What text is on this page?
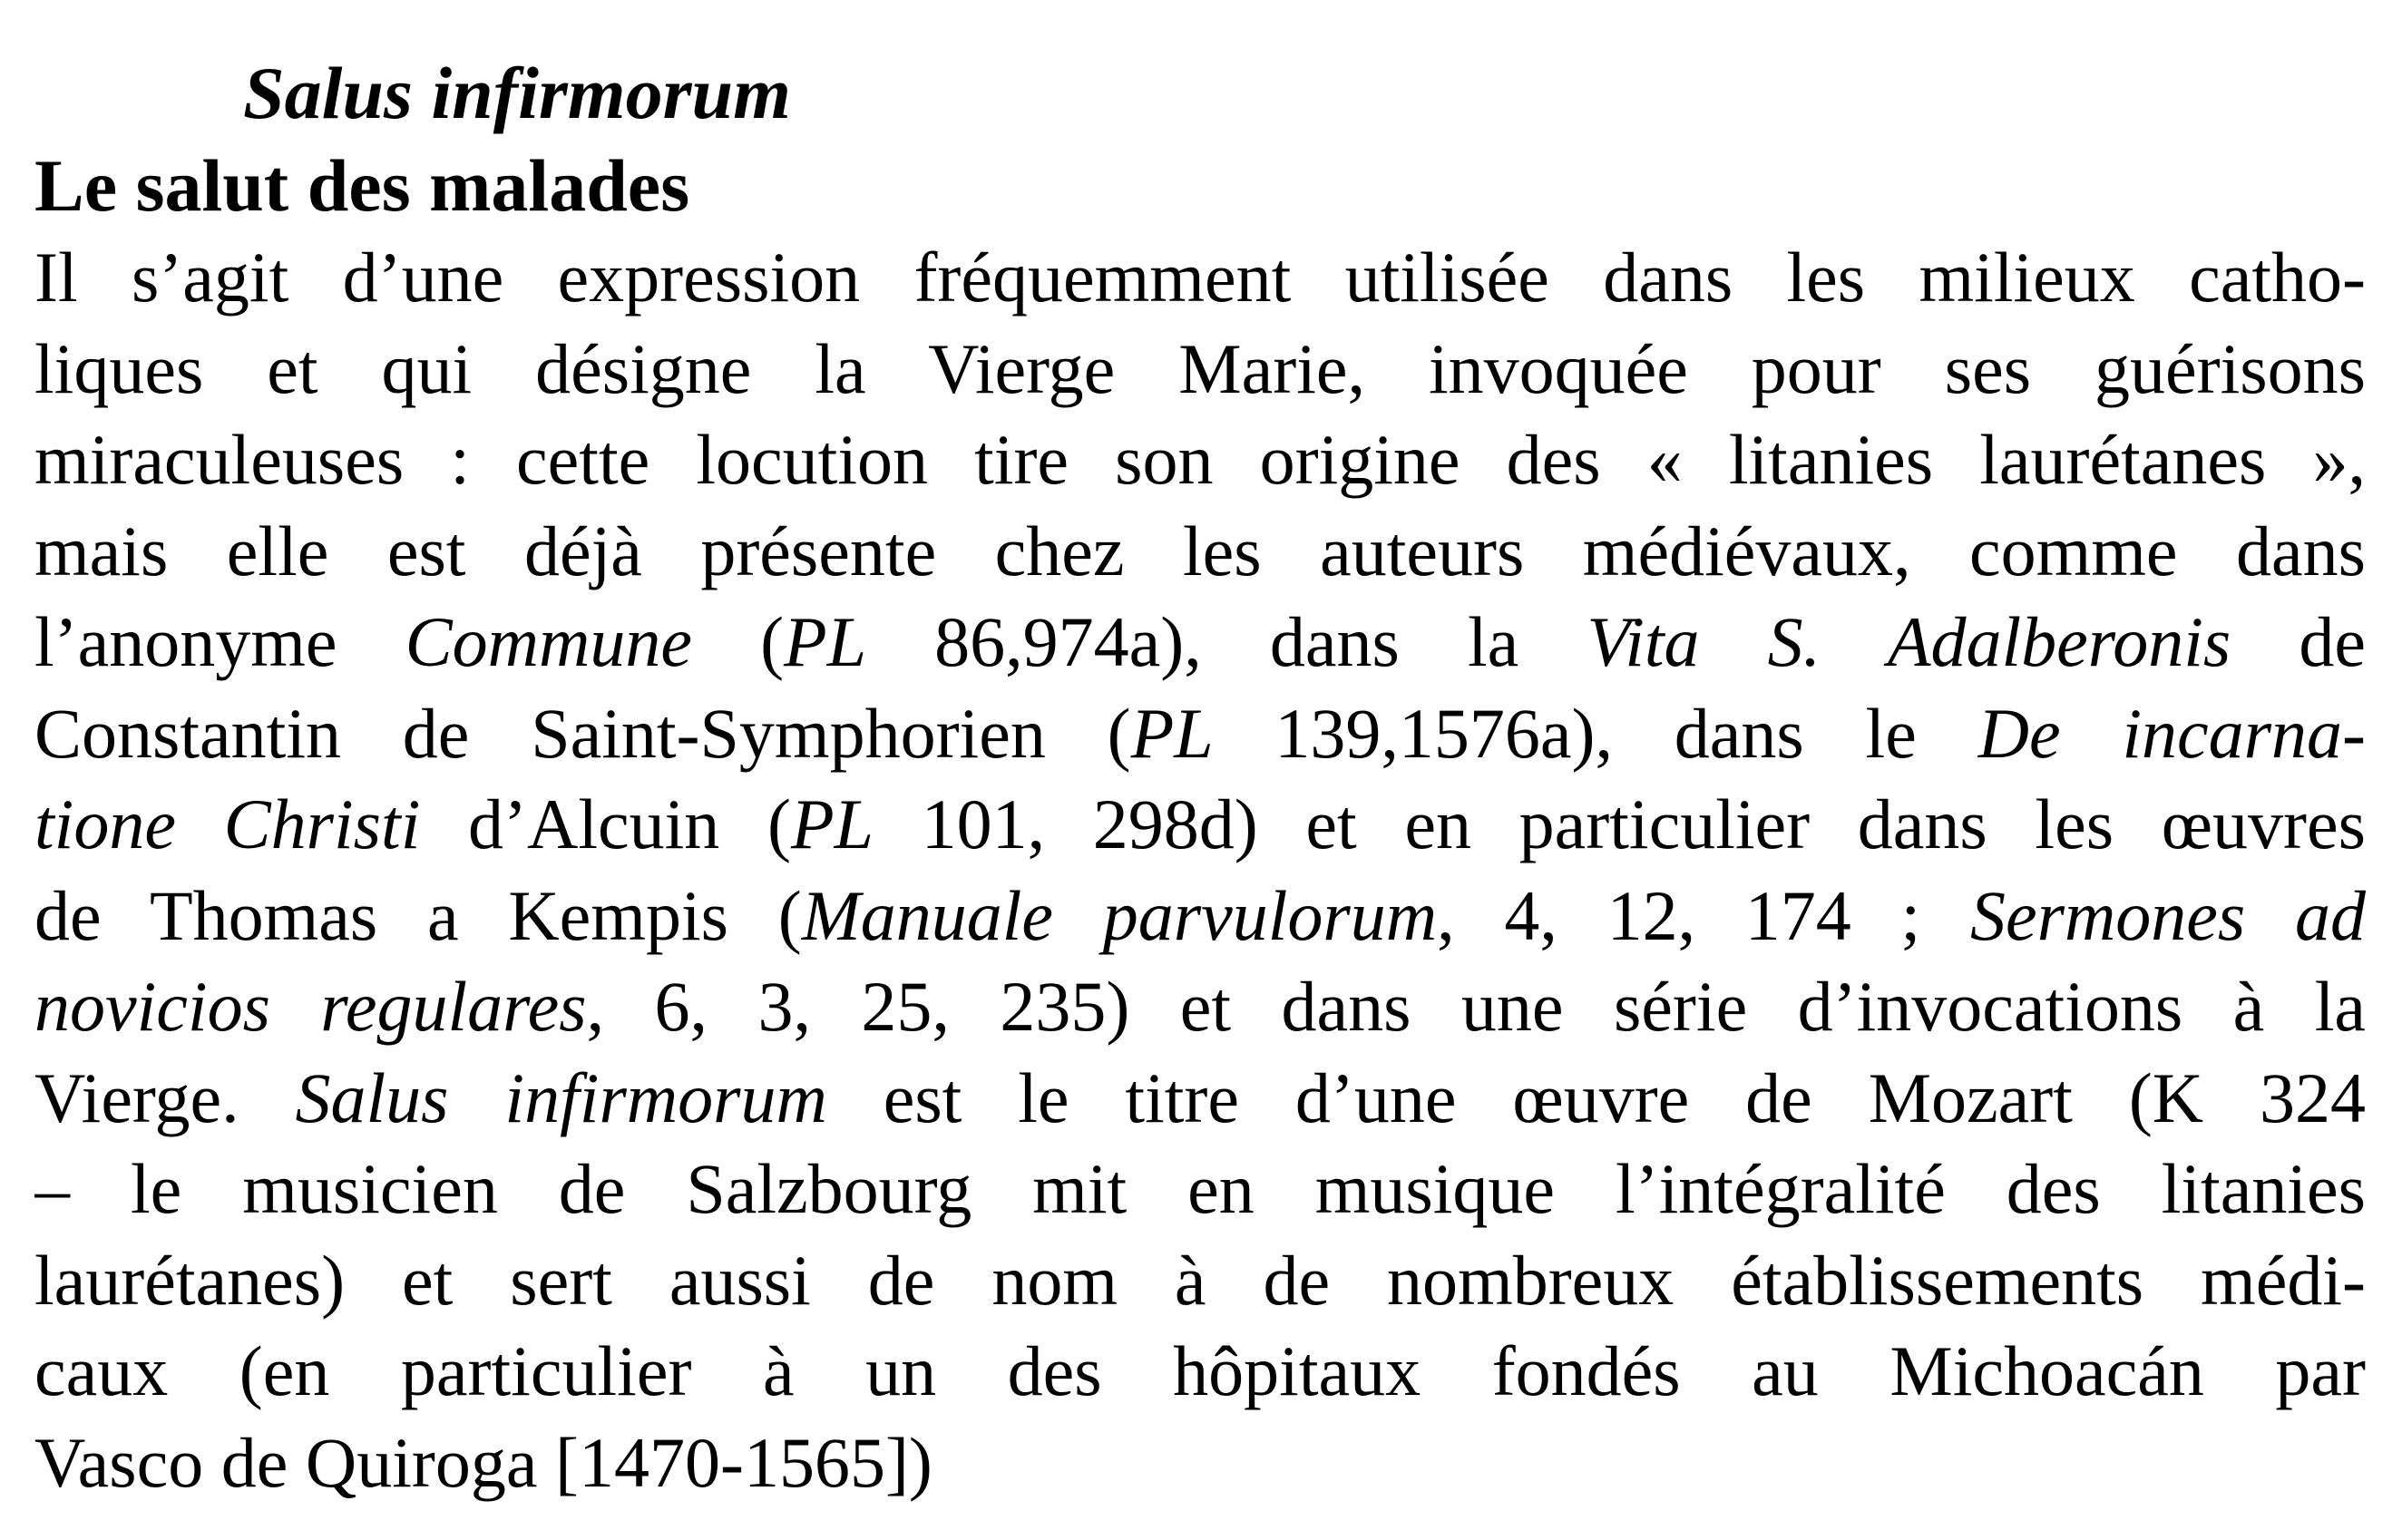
Salus infirmorum
Le salut des malades
Il s’agit d’une expression fréquemment utilisée dans les milieux catho-
liques et qui désigne la Vierge Marie, invoquée pour ses guérisons
miraculeuses : cette locution tire son origine des « litanies laurétanes »,
mais elle est déjà présente chez les auteurs médiévaux, comme dans
l’anonyme Commune (PL 86,974a), dans la Vita S. Adalberonis de
Constantin de Saint-Symphorien (PL 139,1576a), dans le De incarna-
tione Christi d’Alcuin (PL 101, 298d) et en particulier dans les œuvres
de Thomas a Kempis (Manuale parvulorum, 4, 12, 174 ; Sermones ad
novicios regulares, 6, 3, 25, 235) et dans une série d’invocations à la
Vierge. Salus infirmorum est le titre d’une œuvre de Mozart (K 324
– le musicien de Salzbourg mit en musique l’intégralité des litanies
laurétanes) et sert aussi de nom à de nombreux établissements médi-
caux (en particulier à un des hôpitaux fondés au Michoacán par
Vasco de Quiroga [1470-1565])
